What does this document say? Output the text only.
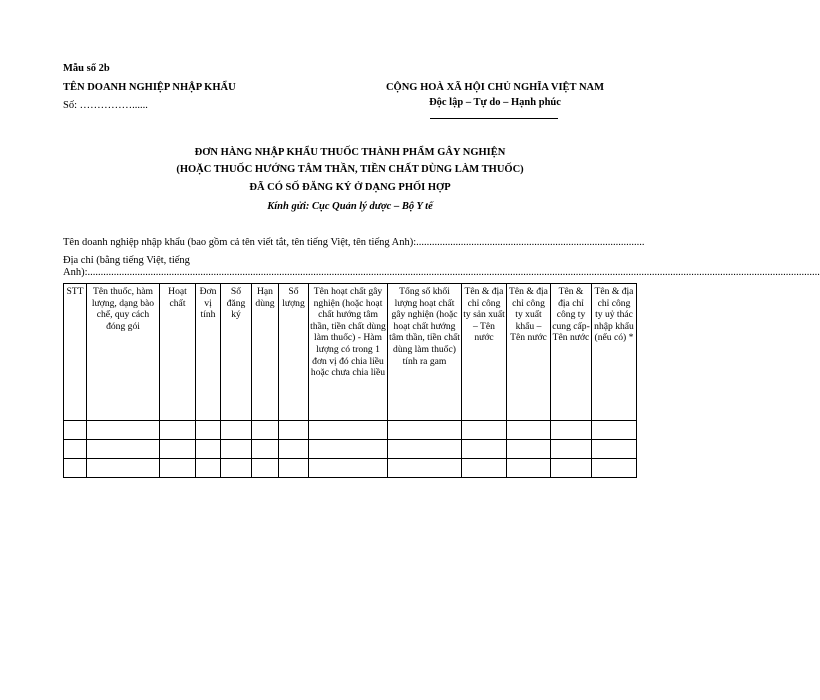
Mẫu số 2b
TÊN DOANH NGHIỆP NHẬP KHẨU
Số: ……………......
CỘNG HOÀ XÃ HỘI CHỦ NGHĨA VIỆT NAM
Độc lập – Tự do – Hạnh phúc
ĐƠN HÀNG NHẬP KHẨU THUỐC THÀNH PHẨM GÂY NGHIỆN
(HOẶC THUỐC HƯỚNG TÂM THẦN, TIỀN CHẤT DÙNG LÀM THUỐC)
ĐÃ CÓ SỐ ĐĂNG KÝ Ở DẠNG PHỐI HỢP
Kính gửi: Cục Quản lý dược – Bộ Y tế
Tên doanh nghiệp nhập khẩu (bao gồm cả tên viết tắt, tên tiếng Việt, tên tiếng Anh):.......................................................................................
Địa chỉ (bằng tiếng Việt, tiếng
Anh):.......................................................................................................................................................................................................................................................................................
STT	Tên thuốc, hàm lượng, dạng bào chế, quy cách đóng gói	Hoạt chất	Đơn vị tính	Số đăng ký	Hạn dùng	Số lượng	Tên hoạt chất gây nghiện (hoặc hoạt chất hướng tâm thần, tiền chất dùng làm thuốc) - Hàm lượng có trong 1 đơn vị đó chia liều hoặc chưa chia liều	Tổng số khối lượng hoạt chất gây nghiện (hoặc hoạt chất hướng tâm thần, tiền chất dùng làm thuốc) tính ra gam	Tên & địa chỉ công ty sản xuất – Tên nước	Tên & địa chỉ công ty xuất khẩu – Tên nước	Tên & địa chỉ công ty cung cấp- Tên nước	Tên & địa chỉ công ty uỷ thác nhập khẩu (nếu có) *
